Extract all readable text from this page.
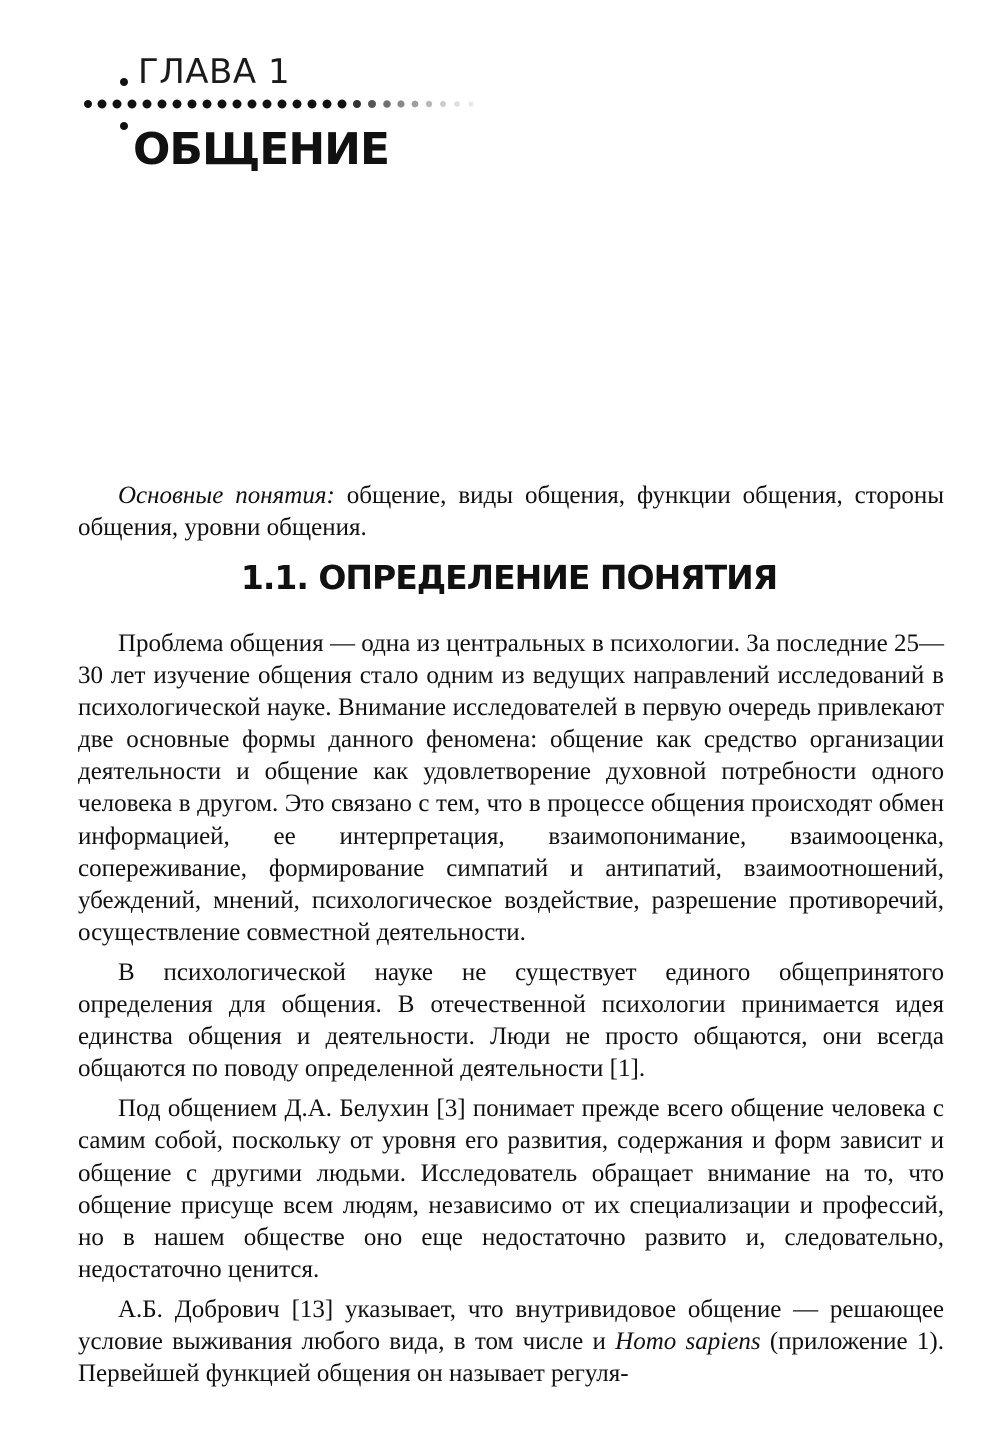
ГЛАВА 1
ОБЩЕНИЕ

Основные понятия: общение, виды общения, функции общения, стороны общения, уровни общения.

1.1. ОПРЕДЕЛЕНИЕ ПОНЯТИЯ

Проблема общения — одна из центральных в психологии. За последние 25—30 лет изучение общения стало одним из ведущих направлений исследований в психологической науке. Внимание исследователей в первую очередь привлекают две основные формы данного феномена: общение как средство организации деятельности и общение как удовлетворение духовной потребности одного человека в другом. Это связано с тем, что в процессе общения происходят обмен информацией, ее интерпретация, взаимопонимание, взаимооценка, сопереживание, формирование симпатий и антипатий, взаимоотношений, убеждений, мнений, психологическое воздействие, разрешение противоречий, осуществление совместной деятельности.

В психологической науке не существует единого общепринятого определения для общения. В отечественной психологии принимается идея единства общения и деятельности. Люди не просто общаются, они всегда общаются по поводу определенной деятельности [1].

Под общением Д.А. Белухин [3] понимает прежде всего общение человека с самим собой, поскольку от уровня его развития, содержания и форм зависит и общение с другими людьми. Исследователь обращает внимание на то, что общение присуще всем людям, независимо от их специализации и профессий, но в нашем обществе оно еще недостаточно развито и, следовательно, недостаточно ценится.

А.Б. Добрович [13] указывает, что внутривидовое общение — решающее условие выживания любого вида, в том числе и Homo sapiens (приложение 1). Первейшей функцией общения он называет регуля-
